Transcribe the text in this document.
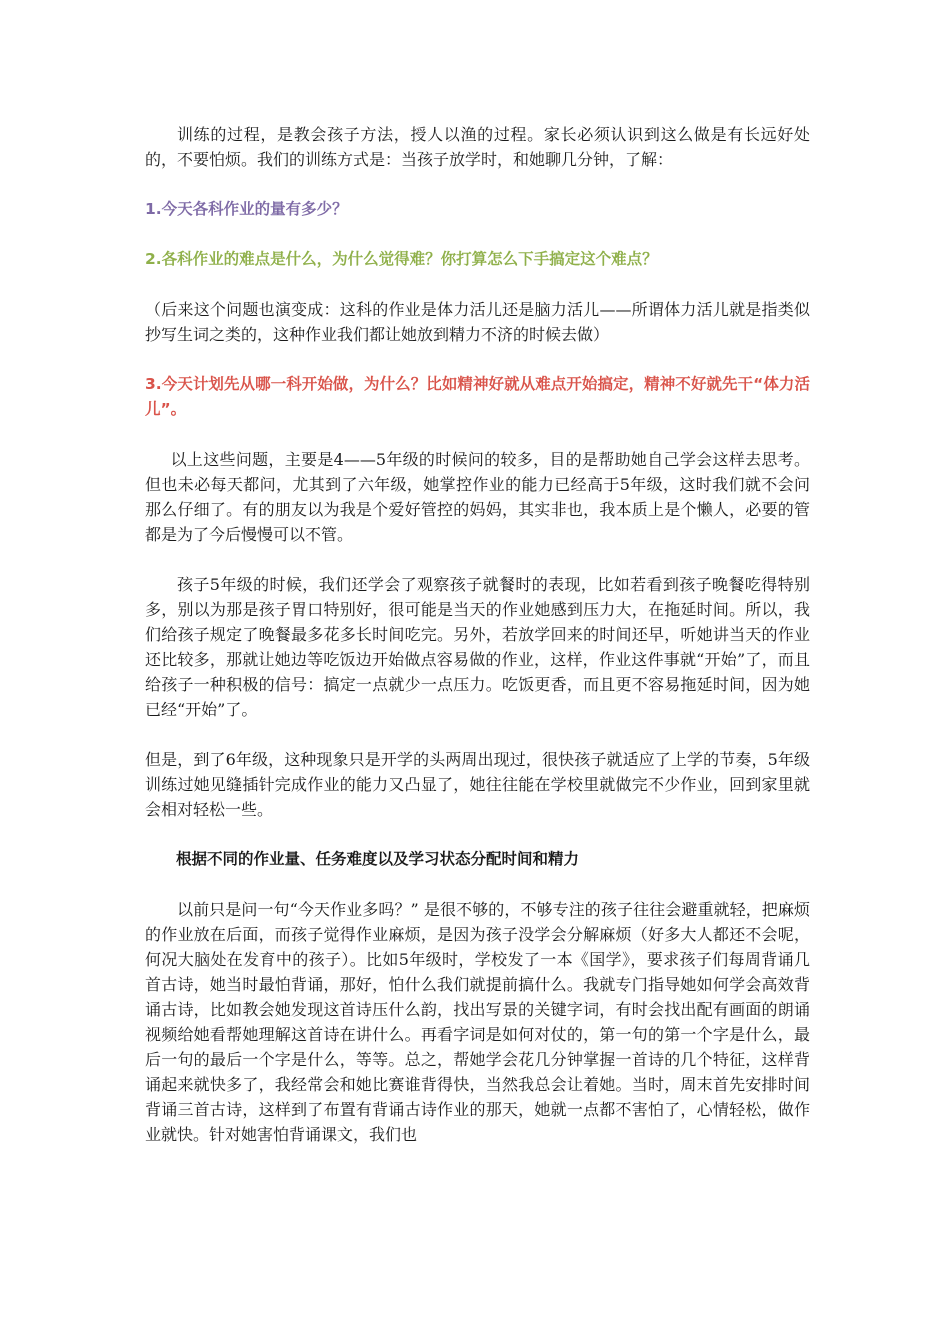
训练的过程，是教会孩子方法，授人以渔的过程。家长必须认识到这么做是有长远好处的，不要怕烦。我们的训练方式是：当孩子放学时，和她聊几分钟，了解：

1.今天各科作业的量有多少？

2.各科作业的难点是什么，为什么觉得难？你打算怎么下手搞定这个难点？

（后来这个问题也演变成：这科的作业是体力活儿还是脑力活儿——所谓体力活儿就是指类似抄写生词之类的，这种作业我们都让她放到精力不济的时候去做）

3.今天计划先从哪一科开始做，为什么？比如精神好就从难点开始搞定，精神不好就先干“体力活儿”。

以上这些问题，主要是4——5年级的时候问的较多，目的是帮助她自己学会这样去思考。但也未必每天都问，尤其到了六年级，她掌控作业的能力已经高于5年级，这时我们就不会问那么仔细了。有的朋友以为我是个爱好管控的妈妈，其实非也，我本质上是个懒人，必要的管都是为了今后慢慢可以不管。

孩子5年级的时候，我们还学会了观察孩子就餐时的表现，比如若看到孩子晚餐吃得特别多，别以为那是孩子胃口特别好，很可能是当天的作业她感到压力大，在拖延时间。所以，我们给孩子规定了晚餐最多花多长时间吃完。另外，若放学回来的时间还早，听她讲当天的作业还比较多，那就让她边等吃饭边开始做点容易做的作业，这样，作业这件事就“开始”了，而且给孩子一种积极的信号：搞定一点就少一点压力。吃饭更香，而且更不容易拖延时间，因为她已经“开始”了。

但是，到了6年级，这种现象只是开学的头两周出现过，很快孩子就适应了上学的节奏，5年级训练过她见缝插针完成作业的能力又凸显了，她往往能在学校里就做完不少作业，回到家里就会相对轻松一些。

根据不同的作业量、任务难度以及学习状态分配时间和精力

以前只是问一句“今天作业多吗？” 是很不够的，不够专注的孩子往往会避重就轻，把麻烦的作业放在后面，而孩子觉得作业麻烦，是因为孩子没学会分解麻烦（好多大人都还不会呢，何况大脑处在发育中的孩子）。比如5年级时，学校发了一本《国学》，要求孩子们每周背诵几首古诗，她当时最怕背诵，那好，怕什么我们就提前搞什么。我就专门指导她如何学会高效背诵古诗，比如教会她发现这首诗压什么韵，找出写景的关键字词，有时会找出配有画面的朗诵视频给她看帮她理解这首诗在讲什么。再看字词是如何对仗的，第一句的第一个字是什么，最后一句的最后一个字是什么，等等。总之，帮她学会花几分钟掌握一首诗的几个特征，这样背诵起来就快多了，我经常会和她比赛谁背得快，当然我总会让着她。当时，周末首先安排时间背诵三首古诗，这样到了布置有背诵古诗作业的那天，她就一点都不害怕了，心情轻松，做作业就快。针对她害怕背诵课文，我们也
